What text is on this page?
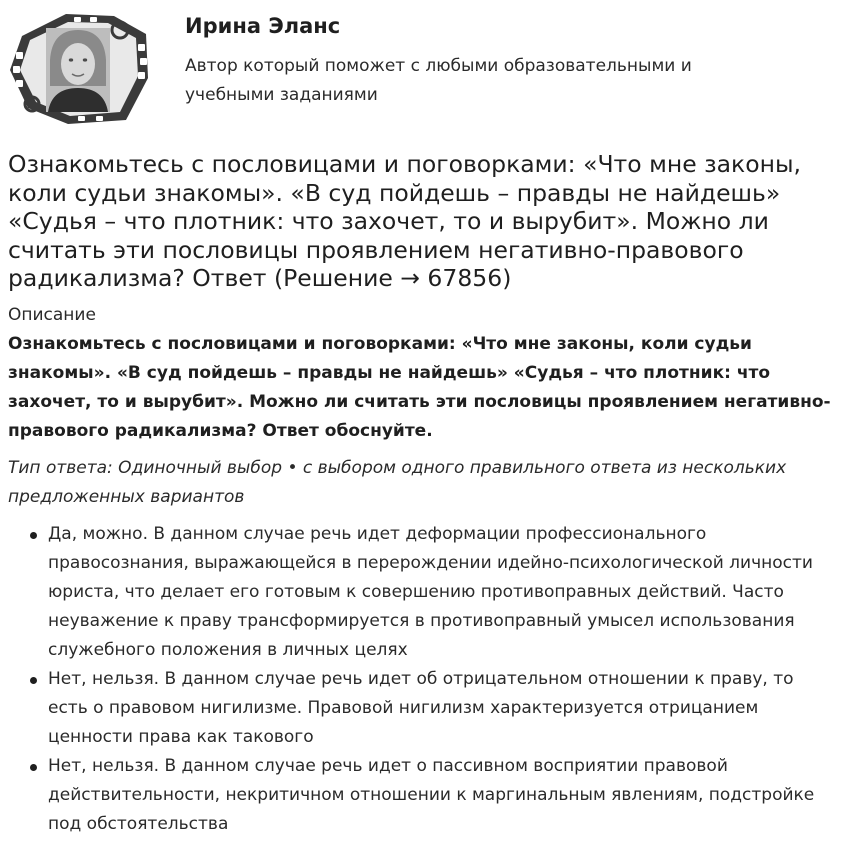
Ирина Эланс
Автор который поможет с любыми образовательными и учебными заданиями
Ознакомьтесь с пословицами и поговорками: «Что мне законы, коли судьи знакомы». «В суд пойдешь – правды не найдешь» «Судья – что плотник: что захочет, то и вырубит». Можно ли считать эти пословицы проявлением негативно-правового радикализма? Ответ (Решение → 67856)
Описание
Ознакомьтесь с пословицами и поговорками: «Что мне законы, коли судьи знакомы». «В суд пойдешь – правды не найдешь» «Судья – что плотник: что захочет, то и вырубит». Можно ли считать эти пословицы проявлением негативно-правового радикализма? Ответ обоснуйте.
Тип ответа: Одиночный выбор • с выбором одного правильного ответа из нескольких предложенных вариантов
Да, можно. В данном случае речь идет деформации профессионального правосознания, выражающейся в перерождении идейно-психологической личности юриста, что делает его готовым к совершению противоправных действий. Часто неуважение к праву трансформируется в противоправный умысел использования служебного положения в личных целях
Нет, нельзя. В данном случае речь идет об отрицательном отношении к праву, то есть о правовом нигилизме. Правовой нигилизм характеризуется отрицанием ценности права как такового
Нет, нельзя. В данном случае речь идет о пассивном восприятии правовой действительности, некритичном отношении к маргинальным явлениям, подстройке под обстоятельства
